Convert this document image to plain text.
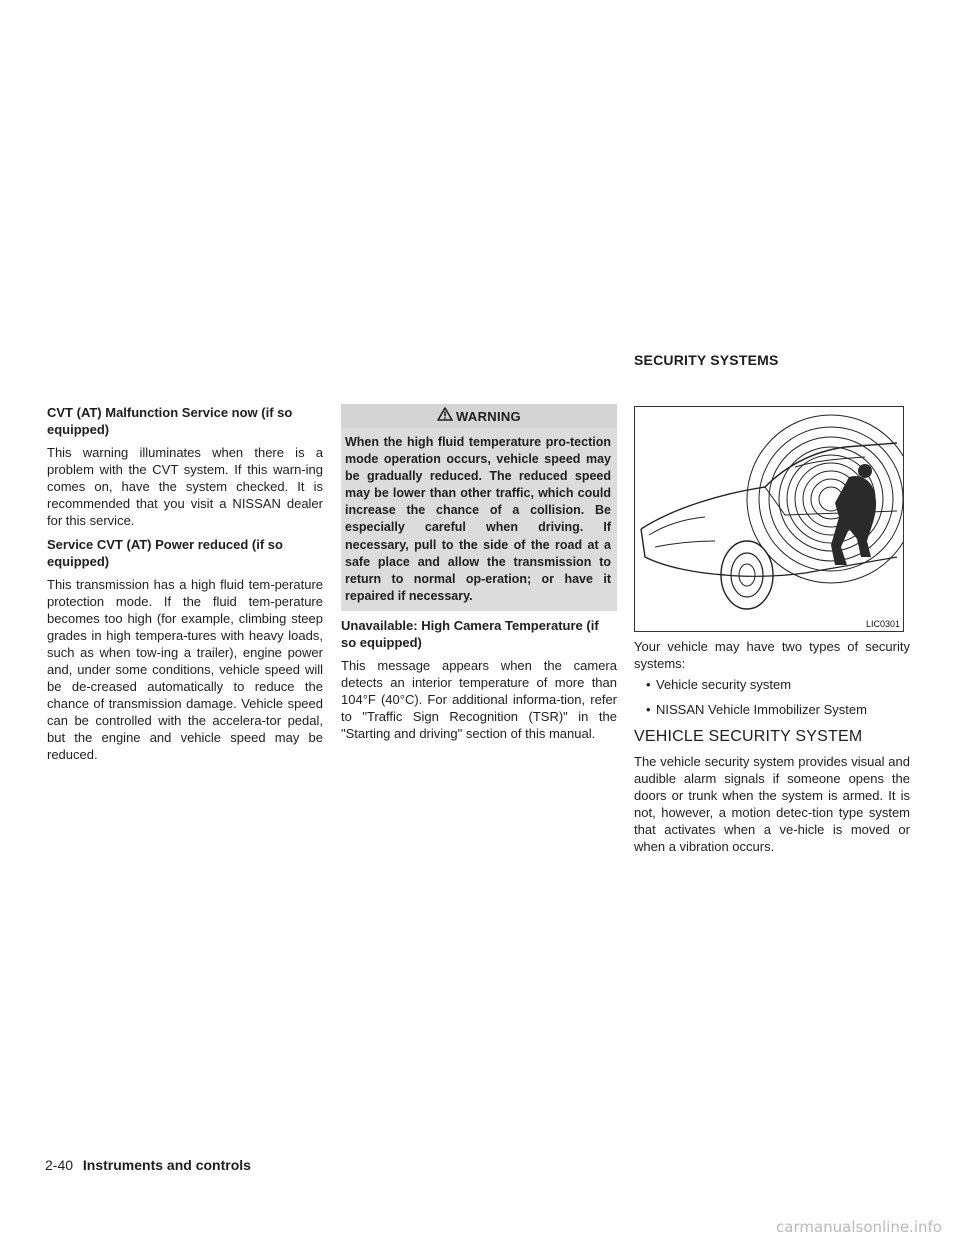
SECURITY SYSTEMS

CVT (AT) Malfunction Service now (if so equipped)

This warning illuminates when there is a problem with the CVT system. If this warn-ing comes on, have the system checked. It is recommended that you visit a NISSAN dealer for this service.

Service CVT (AT) Power reduced (if so equipped)

This transmission has a high fluid tem-perature protection mode. If the fluid tem-perature becomes too high (for example, climbing steep grades in high tempera-tures with heavy loads, such as when tow-ing a trailer), engine power and, under some conditions, vehicle speed will be de-creased automatically to reduce the chance of transmission damage. Vehicle speed can be controlled with the accelera-tor pedal, but the engine and vehicle speed may be reduced.

WARNING
When the high fluid temperature pro-tection mode operation occurs, vehicle speed may be gradually reduced. The reduced speed may be lower than other traffic, which could increase the chance of a collision. Be especially careful when driving. If necessary, pull to the side of the road at a safe place and allow the transmission to return to normal op-eration; or have it repaired if necessary.

Unavailable: High Camera Temperature (if so equipped)

This message appears when the camera detects an interior temperature of more than 104°F (40°C). For additional informa-tion, refer to "Traffic Sign Recognition (TSR)" in the "Starting and driving" section of this manual.

LIC0301

Your vehicle may have two types of security systems:

• Vehicle security system
• NISSAN Vehicle Immobilizer System
VEHICLE SECURITY SYSTEM

The vehicle security system provides visual and audible alarm signals if someone opens the doors or trunk when the system is armed. It is not, however, a motion detec-tion type system that activates when a ve-hicle is moved or when a vibration occurs.

2-40 Instruments and controls
carmanualsonline.info
